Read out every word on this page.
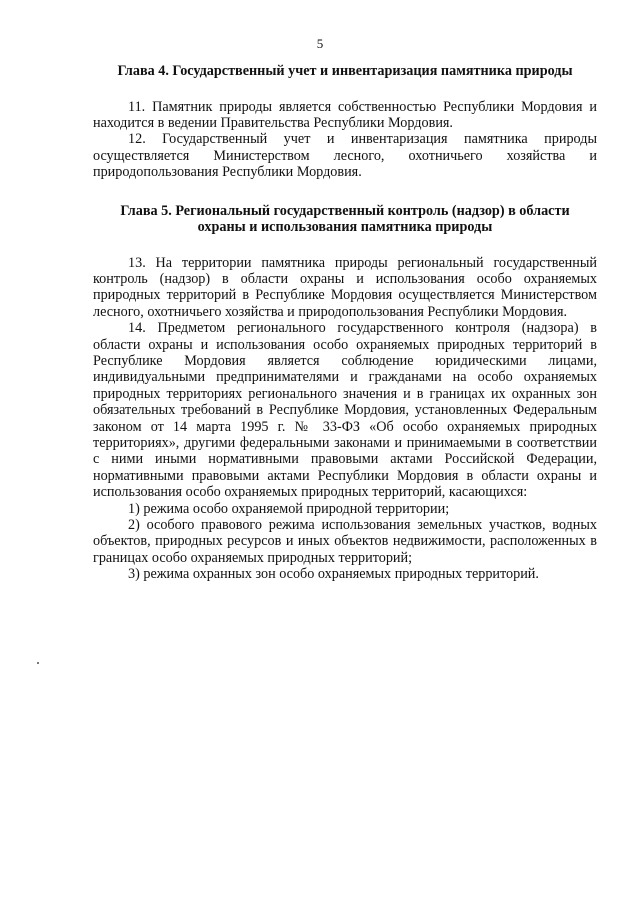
5

Глава 4. Государственный учет и инвентаризация памятника природы

11. Памятник природы является собственностью Республики Мордовия и находится в ведении Правительства Республики Мордовия.

12. Государственный учет и инвентаризация памятника природы осуществляется Министерством лесного, охотничьего хозяйства и природопользования Республики Мордовия.

Глава 5. Региональный государственный контроль (надзор) в области охраны и использования памятника природы

13. На территории памятника природы региональный государственный контроль (надзор) в области охраны и использования особо охраняемых природных территорий в Республике Мордовия осуществляется Министерством лесного, охотничьего хозяйства и природопользования Республики Мордовия.

14. Предметом регионального государственного контроля (надзора) в области охраны и использования особо охраняемых природных территорий в Республике Мордовия является соблюдение юридическими лицами, индивидуальными предпринимателями и гражданами на особо охраняемых природных территориях регионального значения и в границах их охранных зон обязательных требований в Республике Мордовия, установленных Федеральным законом от 14 марта 1995 г. № 33-ФЗ «Об особо охраняемых природных территориях», другими федеральными законами и принимаемыми в соответствии с ними иными нормативными правовыми актами Российской Федерации, нормативными правовыми актами Республики Мордовия в области охраны и использования особо охраняемых природных территорий, касающихся:

1) режима особо охраняемой природной территории;

2) особого правового режима использования земельных участков, водных объектов, природных ресурсов и иных объектов недвижимости, расположенных в границах особо охраняемых природных территорий;

3) режима охранных зон особо охраняемых природных территорий.
